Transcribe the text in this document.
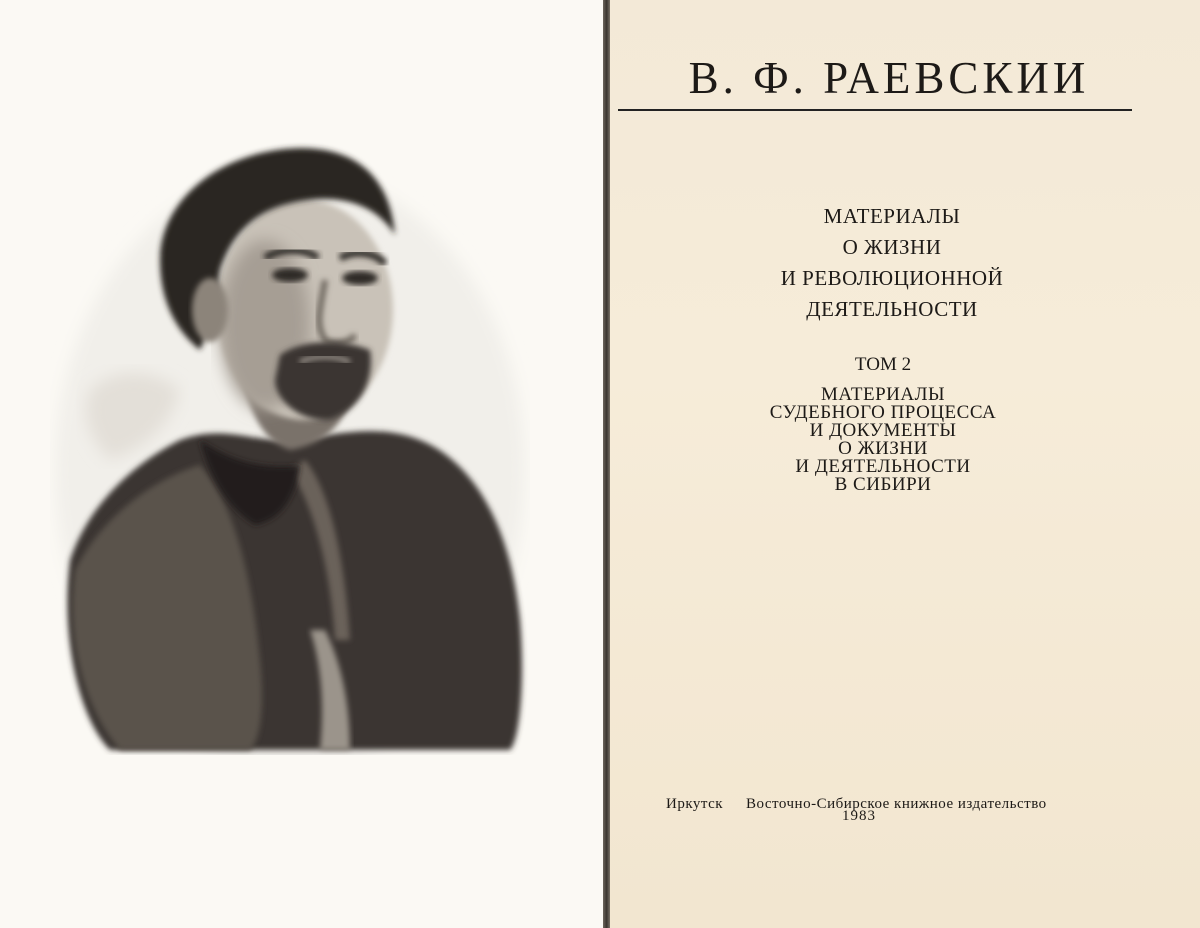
В. Ф. РАЕВСКИИ
МАТЕРИАЛЫ
О ЖИЗНИ
И РЕВОЛЮЦИОННОЙ
ДЕЯТЕЛЬНОСТИ
ТОМ 2
МАТЕРИАЛЫ
СУДЕБНОГО ПРОЦЕССА
И ДОКУМЕНТЫ
О ЖИЗНИ
И ДЕЯТЕЛЬНОСТИ
В СИБИРИ
Иркутск Восточно-Сибирское книжное издательство
1983
